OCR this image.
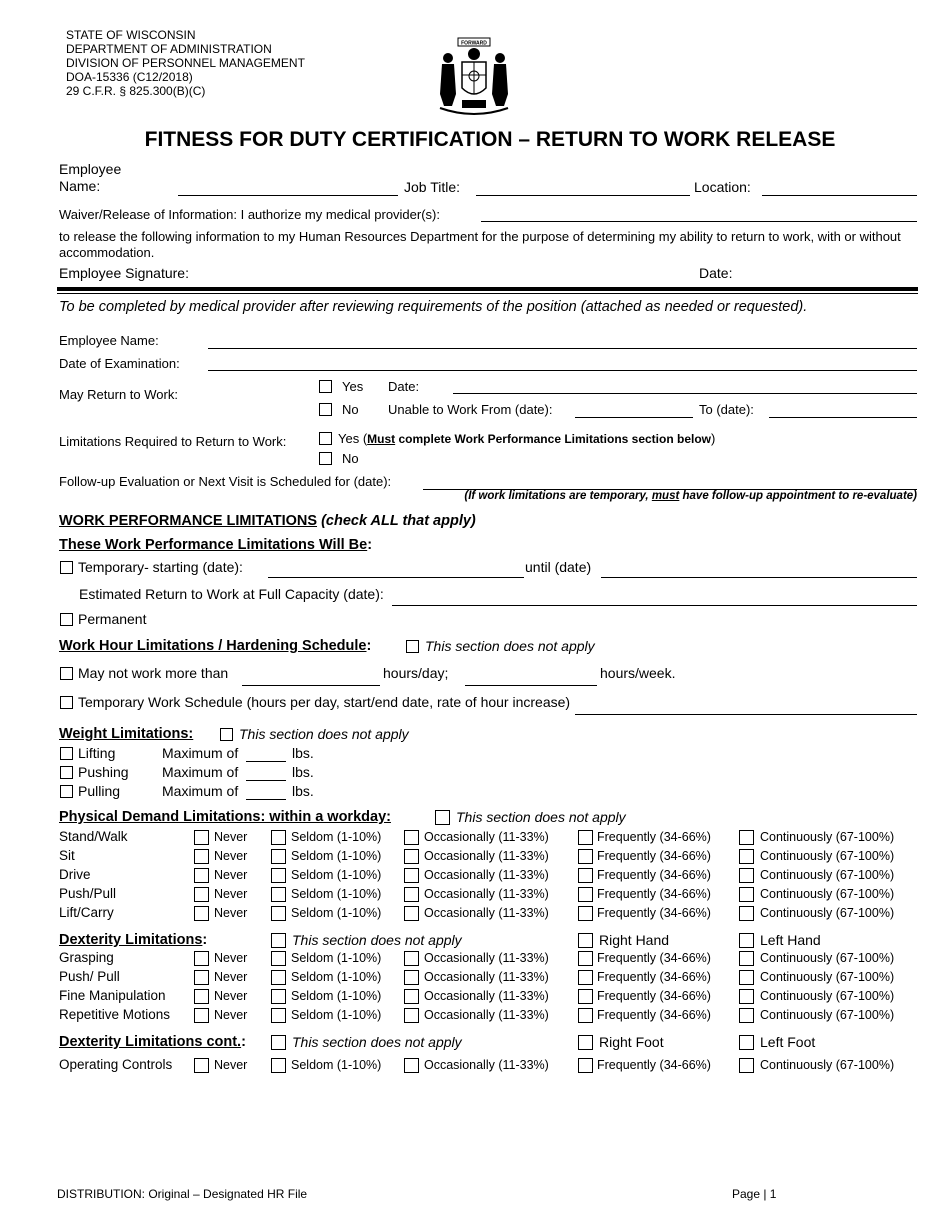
STATE OF WISCONSIN
DEPARTMENT OF ADMINISTRATION
DIVISION OF PERSONNEL MANAGEMENT
DOA-15336 (C12/2018)
29 C.F.R. § 825.300(B)(C)
FORWARD
FITNESS FOR DUTY CERTIFICATION – RETURN TO WORK RELEASE
Employee
Name:	Job Title:	Location:
Waiver/Release of Information: I authorize my medical provider(s):
to release the following information to my Human Resources Department for the purpose of determining my ability to return to work, with or without accommodation.
Employee Signature:	Date:
To be completed by medical provider after reviewing requirements of the position (attached as needed or requested).
Employee Name:
Date of Examination:
May Return to Work:
Yes Date:
No Unable to Work From (date):	To (date):
Limitations Required to Return to Work:	Yes (Must complete Work Performance Limitations section below)
No
Follow-up Evaluation or Next Visit is Scheduled for (date):
(If work limitations are temporary, must have follow-up appointment to re-evaluate)
WORK PERFORMANCE LIMITATIONS (check ALL that apply)
These Work Performance Limitations Will Be:
Temporary- starting (date):	until (date)
Estimated Return to Work at Full Capacity (date):
Permanent
Work Hour Limitations / Hardening Schedule:	This section does not apply
May not work more than	hours/day;	hours/week.
Temporary Work Schedule (hours per day, start/end date, rate of hour increase)
Weight Limitations:	This section does not apply
Lifting	Maximum of	lbs.
Pushing Maximum of	lbs.
Pulling	Maximum of	lbs.
Physical Demand Limitations: within a workday:	This section does not apply
Stand/Walk	Never	Seldom (1-10%)	Occasionally (11-33%)	Frequently (34-66%)	Continuously (67-100%)
Sit	Never	Seldom (1-10%)	Occasionally (11-33%)	Frequently (34-66%)	Continuously (67-100%)
Drive	Never	Seldom (1-10%)	Occasionally (11-33%)	Frequently (34-66%)	Continuously (67-100%)
Push/Pull	Never	Seldom (1-10%)	Occasionally (11-33%)	Frequently (34-66%)	Continuously (67-100%)
Lift/Carry	Never	Seldom (1-10%)	Occasionally (11-33%)	Frequently (34-66%)	Continuously (67-100%)
Dexterity Limitations:	This section does not apply	Right Hand	Left Hand
Grasping	Never	Seldom (1-10%)	Occasionally (11-33%)	Frequently (34-66%)	Continuously (67-100%)
Push/ Pull	Never	Seldom (1-10%)	Occasionally (11-33%)	Frequently (34-66%)	Continuously (67-100%)
Fine Manipulation	Never	Seldom (1-10%)	Occasionally (11-33%)	Frequently (34-66%)	Continuously (67-100%)
Repetitive Motions	Never	Seldom (1-10%)	Occasionally (11-33%)	Frequently (34-66%)	Continuously (67-100%)
Dexterity Limitations cont.:	This section does not apply	Right Foot	Left Foot
Operating Controls	Never	Seldom (1-10%)	Occasionally (11-33%)	Frequently (34-66%)	Continuously (67-100%)
DISTRIBUTION: Original – Designated HR File	Page | 1
